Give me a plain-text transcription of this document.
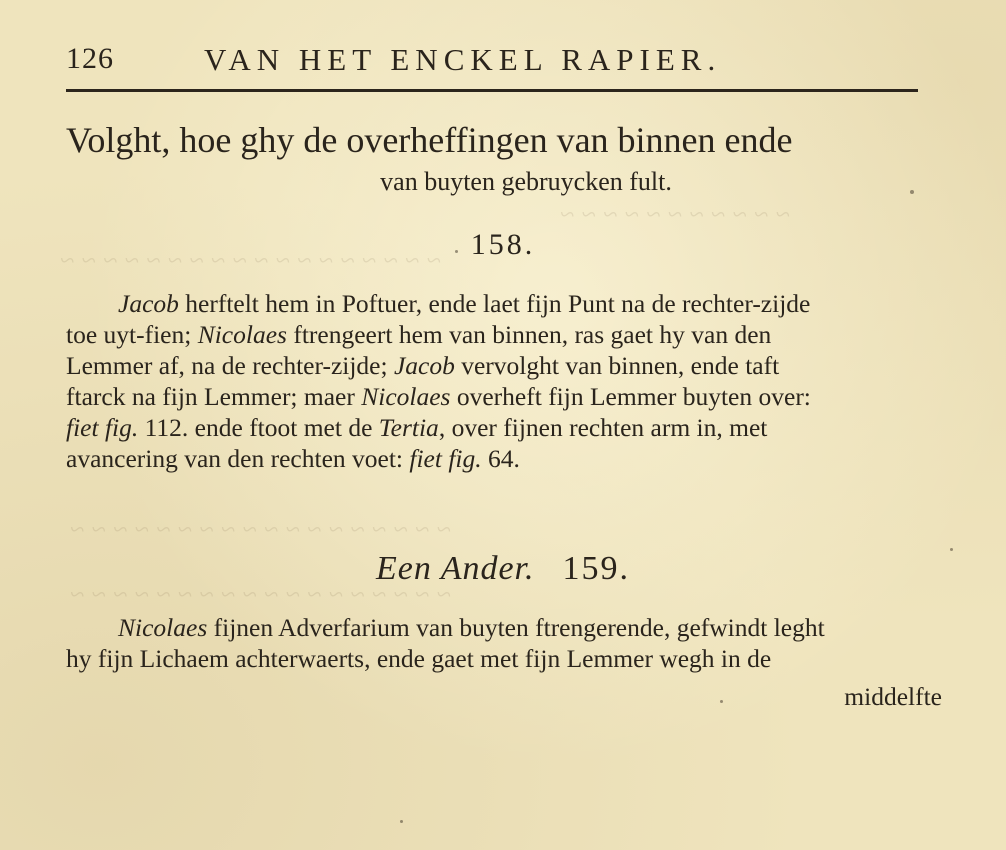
~ ~ ~ ~ ~ ~ ~ ~ ~ ~ ~
~ ~ ~ ~ ~ ~ ~ ~ ~ ~ ~ ~ ~ ~ ~ ~ ~ ~
~ ~ ~ ~ ~ ~ ~ ~ ~ ~ ~ ~ ~ ~ ~ ~ ~ ~
~ ~ ~ ~ ~ ~ ~ ~ ~ ~ ~ ~ ~ ~ ~ ~ ~ ~
126	VAN HET ENCKEL RAPIER.
Volght, hoe ghy de overheffingen van binnen ende
van buyten gebruycken fult.
158.

Jacob herftelt hem in Poftuer, ende laet fijn Punt na de rechter-zijde

toe uyt-fien; Nicolaes ftrengeert hem van binnen, ras gaet hy van den

Lemmer af, na de rechter-zijde; Jacob vervolght van binnen, ende taft

ftarck na fijn Lemmer; maer Nicolaes overheft fijn Lemmer buyten over:

fiet fig. 112. ende ftoot met de Tertia, over fijnen rechten arm in, met

avancering van den rechten voet: fiet fig. 64.

Een Ander. 159.

Nicolaes fijnen Adverfarium van buyten ftrengerende, gefwindt leght

hy fijn Lichaem achterwaerts, ende gaet met fijn Lemmer wegh in de

middelfte
